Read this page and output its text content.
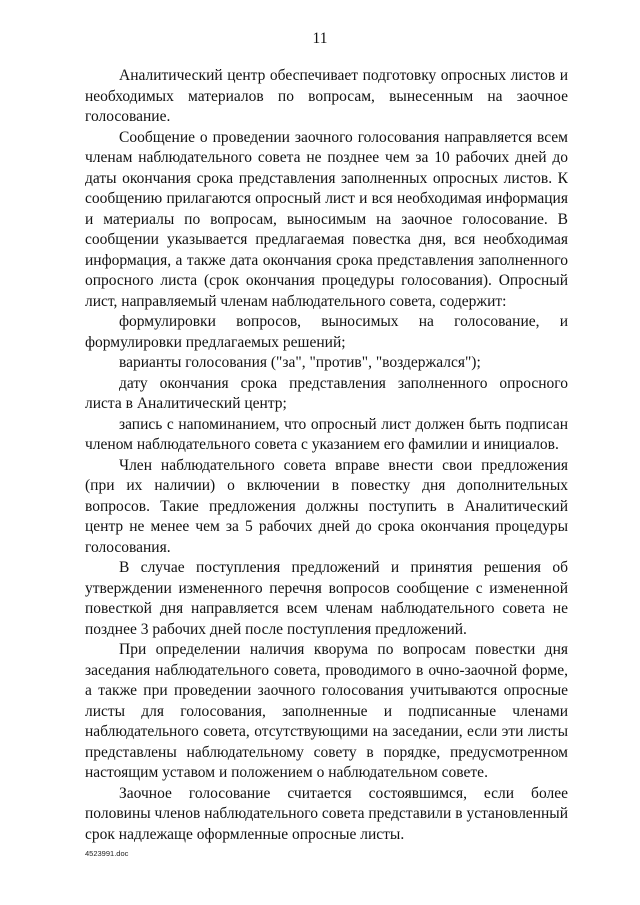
11

Аналитический центр обеспечивает подготовку опросных листов и необходимых материалов по вопросам, вынесенным на заочное голосование.

Сообщение о проведении заочного голосования направляется всем членам наблюдательного совета не позднее чем за 10 рабочих дней до даты окончания срока представления заполненных опросных листов. К сообщению прилагаются опросный лист и вся необходимая информация и материалы по вопросам, выносимым на заочное голосование. В сообщении указывается предлагаемая повестка дня, вся необходимая информация, а также дата окончания срока представления заполненного опросного листа (срок окончания процедуры голосования). Опросный лист, направляемый членам наблюдательного совета, содержит:

формулировки вопросов, выносимых на голосование, и формулировки предлагаемых решений;

варианты голосования ("за", "против", "воздержался");

дату окончания срока представления заполненного опросного листа в Аналитический центр;

запись с напоминанием, что опросный лист должен быть подписан членом наблюдательного совета с указанием его фамилии и инициалов.

Член наблюдательного совета вправе внести свои предложения (при их наличии) о включении в повестку дня дополнительных вопросов. Такие предложения должны поступить в Аналитический центр не менее чем за 5 рабочих дней до срока окончания процедуры голосования.

В случае поступления предложений и принятия решения об утверждении измененного перечня вопросов сообщение с измененной повесткой дня направляется всем членам наблюдательного совета не позднее 3 рабочих дней после поступления предложений.

При определении наличия кворума по вопросам повестки дня заседания наблюдательного совета, проводимого в очно-заочной форме, а также при проведении заочного голосования учитываются опросные листы для голосования, заполненные и подписанные членами наблюдательного совета, отсутствующими на заседании, если эти листы представлены наблюдательному совету в порядке, предусмотренном настоящим уставом и положением о наблюдательном совете.

Заочное голосование считается состоявшимся, если более половины членов наблюдательного совета представили в установленный срок надлежаще оформленные опросные листы.

4523991.doc
